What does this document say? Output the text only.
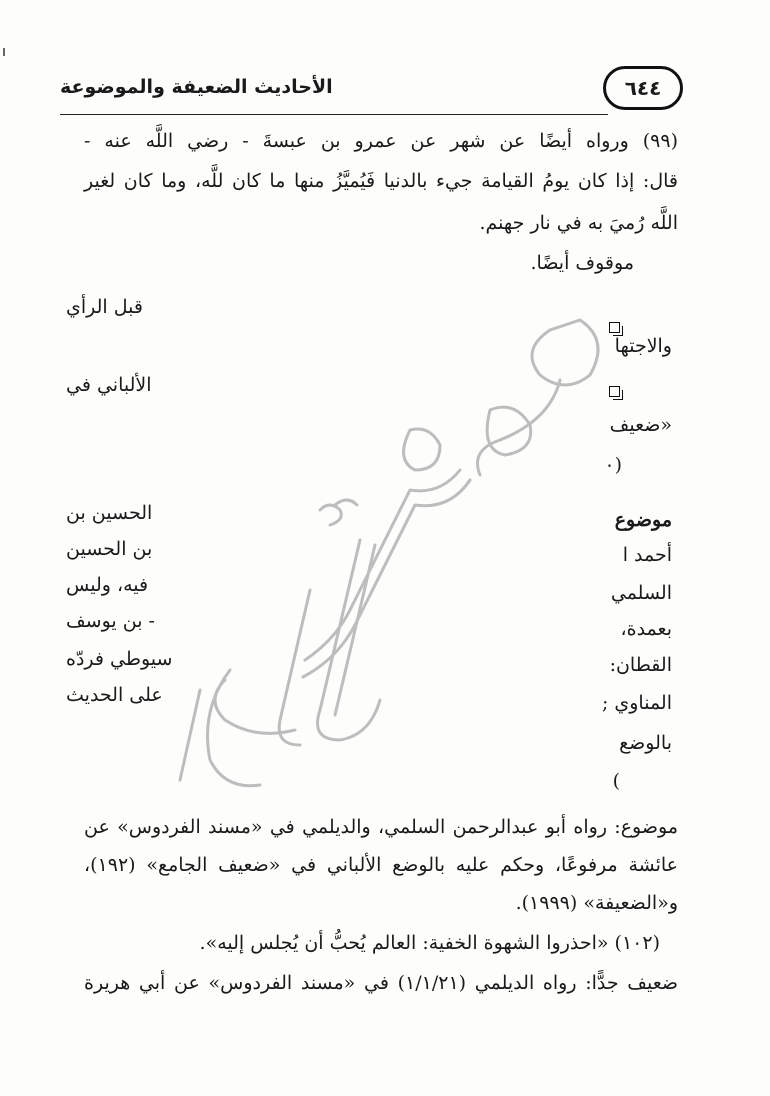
الأحاديث الضعيفة والموضوعة	٦٤٤
(٩٩) ورواه أيضًا عن شهر عن عمرو بن عبسةَ - رضي اللَّه عنه -
قال: إذا كان يومُ القيامة جيء بالدنيا فَيُميَّزُ منها ما كان للَّه، وما كان لغير
اللَّه رُميَ به في نار جهنم.
موقوف أيضًا.
والاجتها
«ضعيف
(٠
موضوع
أحمد ا
السلمي
بعمدة،
القطان:
المناوي ;
بالوضع
)
قبل الرأي
الألباني في
الحسين بن
بن الحسين
فيه، وليس
- بن يوسف
سيوطي فردّه
على الحديث
موضوع: رواه أبو عبدالرحمن السلمي، والديلمي في «مسند الفردوس» عن
عائشة مرفوعًا، وحكم عليه بالوضع الألباني في «ضعيف الجامع» (١٩٢)،
و«الضعيفة» (١٩٩٩).
(١٠٢) «احذروا الشهوة الخفية: العالم يُحبُّ أن يُجلس إليه».
ضعيف جدًّا: رواه الديلمي (١/١/٢١) في «مسند الفردوس» عن أبي هريرة
